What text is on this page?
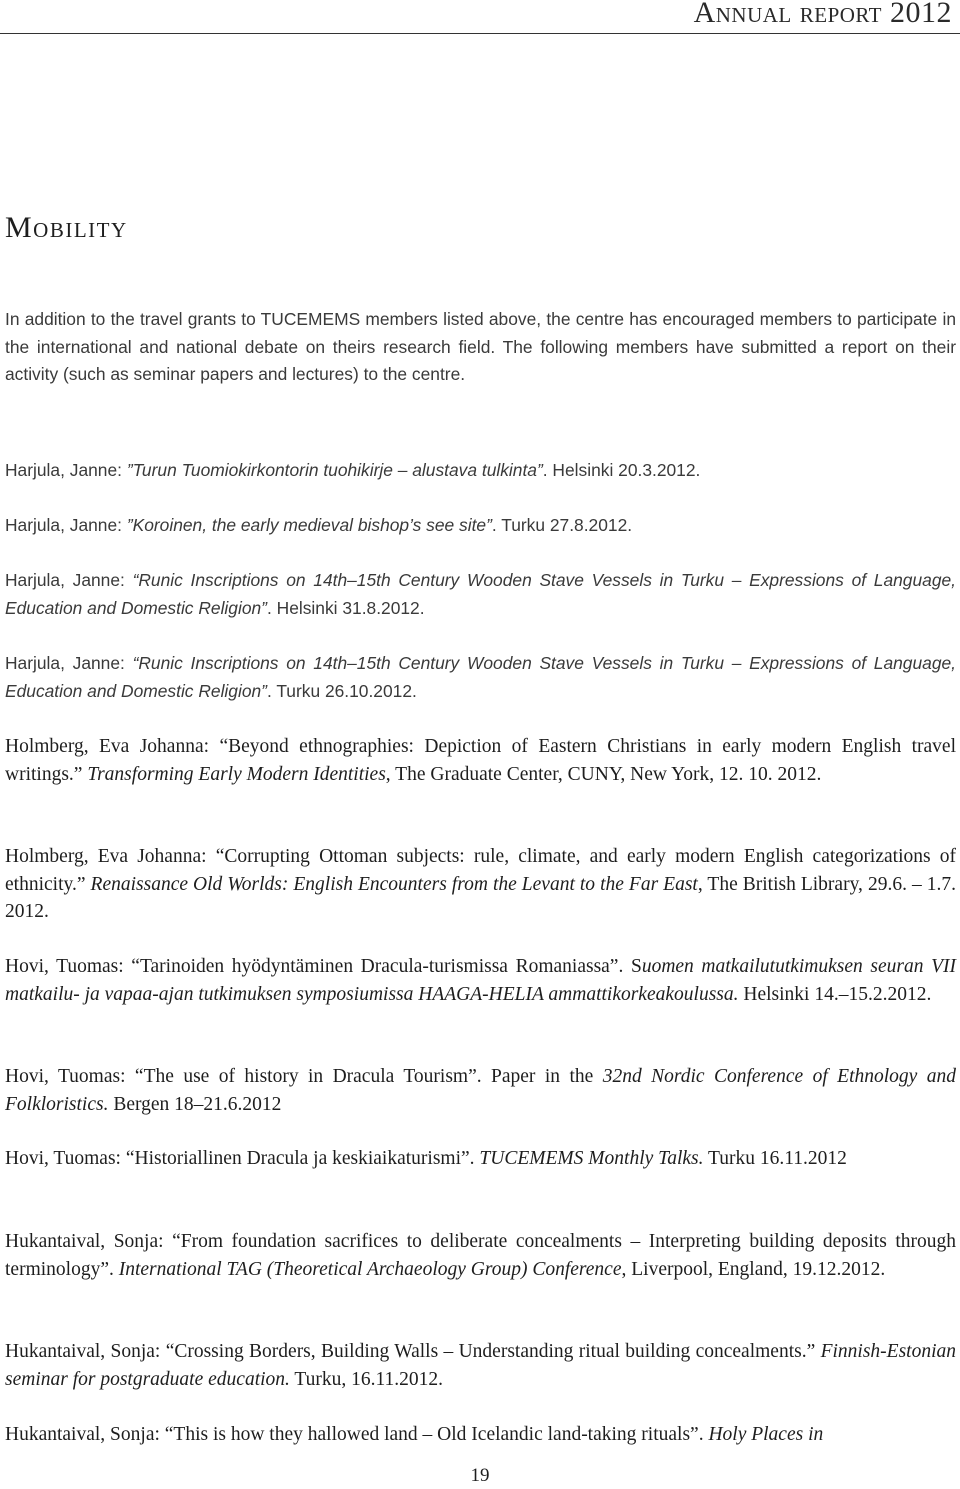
Annual report 2012
Mobility

In addition to the travel grants to TUCEMEMS members listed above, the centre has encouraged members to participate in the international and national debate on theirs research field. The following members have submitted a report on their activity (such as seminar papers and lectures) to the centre.

Harjula, Janne: ”Turun Tuomiokirkontorin tuohikirje – alustava tulkinta”. Helsinki 20.3.2012.

Harjula, Janne: ”Koroinen, the early medieval bishop’s see site”. Turku 27.8.2012.

Harjula, Janne: “Runic Inscriptions on 14th–15th Century Wooden Stave Vessels in Turku – Expressions of Language, Education and Domestic Religion”. Helsinki 31.8.2012.

Harjula, Janne: “Runic Inscriptions on 14th–15th Century Wooden Stave Vessels in Turku – Expressions of Language, Education and Domestic Religion”. Turku 26.10.2012.

Holmberg, Eva Johanna: “Beyond ethnographies: Depiction of Eastern Christians in early modern English travel writings.” Transforming Early Modern Identities, The Graduate Center, CUNY, New York, 12. 10. 2012.

Holmberg, Eva Johanna: “Corrupting Ottoman subjects: rule, climate, and early modern English categorizations of ethnicity.” Renaissance Old Worlds: English Encounters from the Levant to the Far East, The British Library, 29.6. – 1.7. 2012.

Hovi, Tuomas: “Tarinoiden hyödyntäminen Dracula-turismissa Romaniassa”. Suomen matkailututkimuksen seuran VII matkailu- ja vapaa-ajan tutkimuksen symposiumissa HAAGA-HELIA ammattikorkeakoulussa. Helsinki 14.–15.2.2012.

Hovi, Tuomas: “The use of history in Dracula Tourism”. Paper in the 32nd Nordic Conference of Ethnology and Folkloristics. Bergen 18–21.6.2012

Hovi, Tuomas: “Historiallinen Dracula ja keskiaikaturismi”. TUCEMEMS Monthly Talks. Turku 16.11.2012

Hukantaival, Sonja: “From foundation sacrifices to deliberate concealments – Interpreting building deposits through terminology”. International TAG (Theoretical Archaeology Group) Conference, Liverpool, England, 19.12.2012.

Hukantaival, Sonja: “Crossing Borders, Building Walls – Understanding ritual building concealments.” Finnish-Estonian seminar for postgraduate education. Turku, 16.11.2012.

Hukantaival, Sonja: “This is how they hallowed land – Old Icelandic land-taking rituals”. Holy Places in

19
